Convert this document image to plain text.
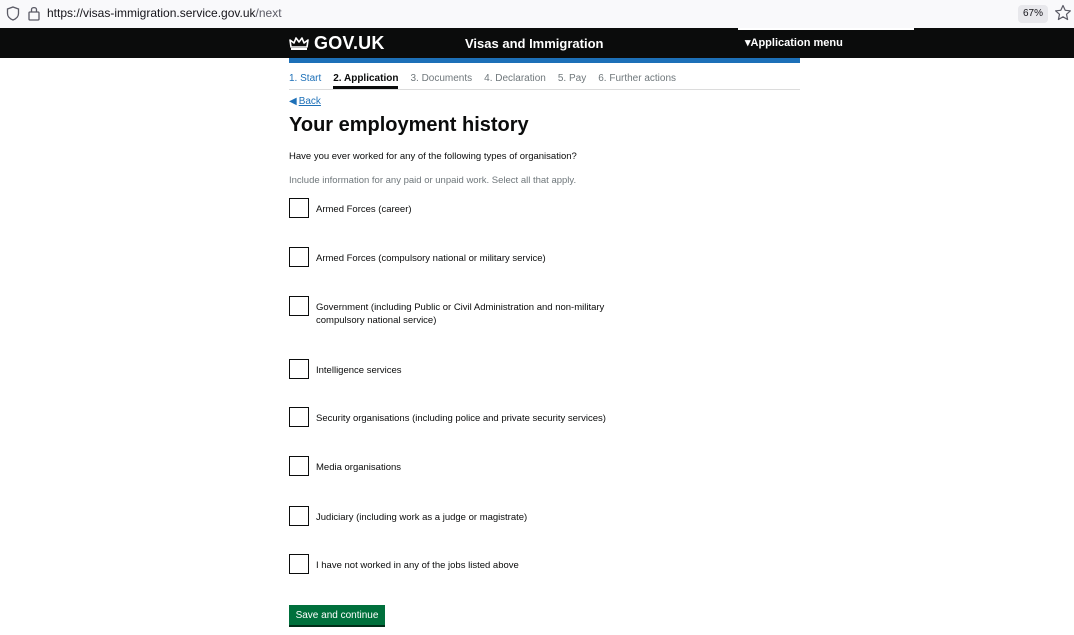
https://visas-immigration.service.gov.uk/next	67%
GOV.UK	Visas and Immigration	▾Application menu
1. Start 2. Application 3. Documents 4. Declaration 5. Pay 6. Further actions
◀ Back
Your employment history
Have you ever worked for any of the following types of organisation?
Include information for any paid or unpaid work. Select all that apply.
Armed Forces (career)
Armed Forces (compulsory national or military service)
Government (including Public or Civil Administration and non-military compulsory national service)
Intelligence services
Security organisations (including police and private security services)
Media organisations
Judiciary (including work as a judge or magistrate)
I have not worked in any of the jobs listed above
Save and continue
